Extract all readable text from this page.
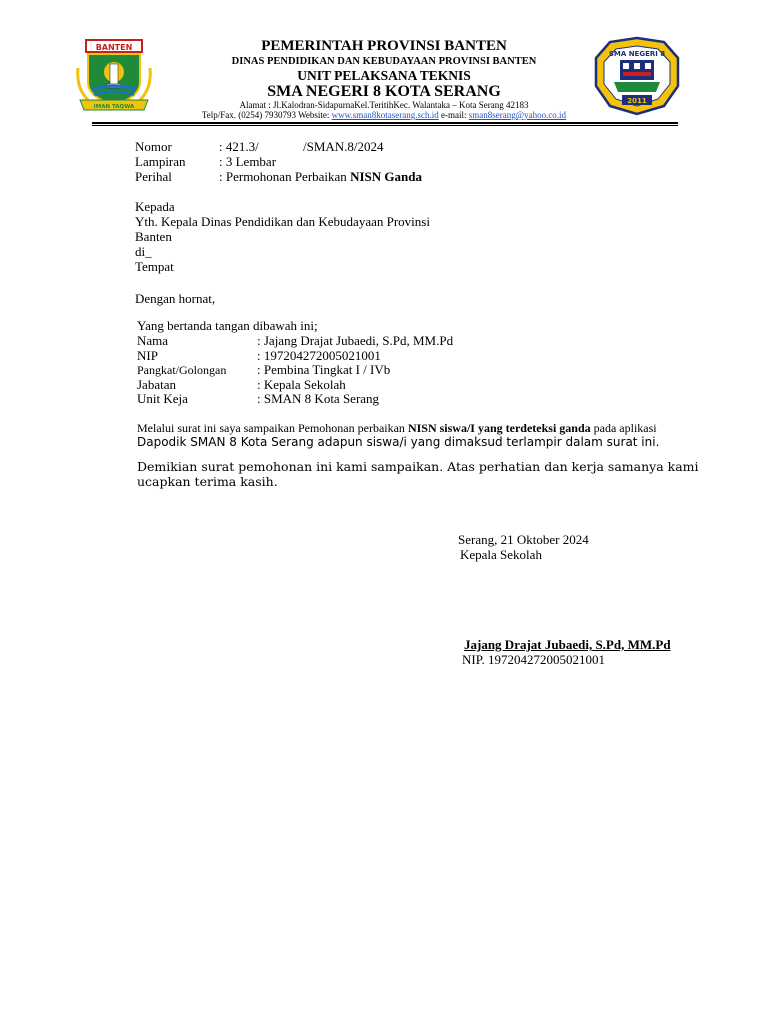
BANTEN
IMAN TAQWA
SMA NEGERI 8
2011
PEMERINTAH PROVINSI BANTEN
DINAS PENDIDIKAN DAN KEBUDAYAAN PROVINSI BANTEN
UNIT PELAKSANA TEKNIS
SMA NEGERI 8 KOTA SERANG
Alamat : Jl.Kalodran-SidapurnaKel.TeritihKec. Walantaka – Kota Serang 42183
Telp/Fax. (0254) 7930793 Website: www.sman8kotaserang.sch.id e-mail: sman8serang@yahoo.co.id
Nomor	: 421.3/	/SMAN.8/2024
Lampiran	: 3 Lembar
Perihal	: Permohonan Perbaikan NISN Ganda
Kepada
Yth. Kepala Dinas Pendidikan dan Kebudayaan Provinsi
Banten
di_
Tempat
Dengan hornat,
Yang bertanda tangan dibawah ini;
Nama	: Jajang Drajat Jubaedi, S.Pd, MM.Pd
NIP	: 197204272005021001
Pangkat/Golongan : Pembina Tingkat I / IVb
Jabatan	: Kepala Sekolah
Unit Keja	: SMAN 8 Kota Serang
Melalui surat ini saya sampaikan Pemohonan perbaikan NISN siswa/I yang terdeteksi ganda pada aplikasi
Dapodik SMAN 8 Kota Serang adapun siswa/i yang dimaksud terlampir dalam surat ini.
Demikian surat pemohonan ini kami sampaikan. Atas perhatian dan kerja samanya kami
ucapkan terima kasih.
Serang, 21 Oktober 2024
Kepala Sekolah
Jajang Drajat Jubaedi, S.Pd, MM.Pd
NIP. 197204272005021001
